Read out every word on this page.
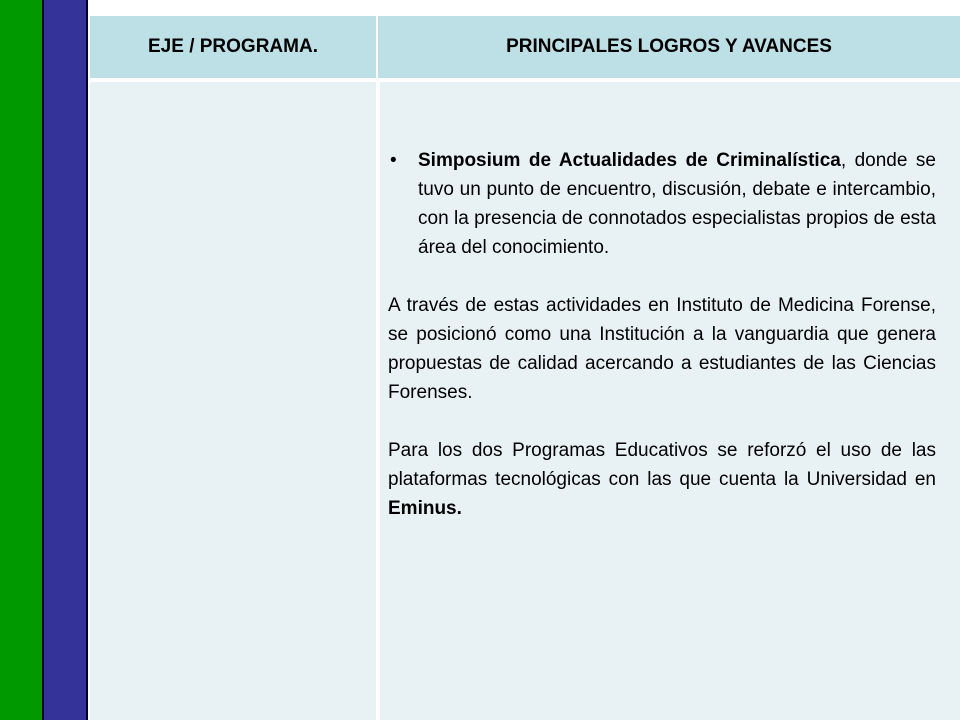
EJE / PROGRAMA.	PRINCIPALES LOGROS Y AVANCES
• Simposium de Actualidades de Criminalística, donde se tuvo un punto de encuentro, discusión, debate e intercambio, con la presencia de connotados especialistas propios de esta área del conocimiento.
A través de estas actividades en Instituto de Medicina Forense, se posicionó como una Institución a la vanguardia que genera propuestas de calidad acercando a estudiantes de las Ciencias Forenses.
Para los dos Programas Educativos se reforzó el uso de las plataformas tecnológicas con las que cuenta la Universidad en Eminus.
